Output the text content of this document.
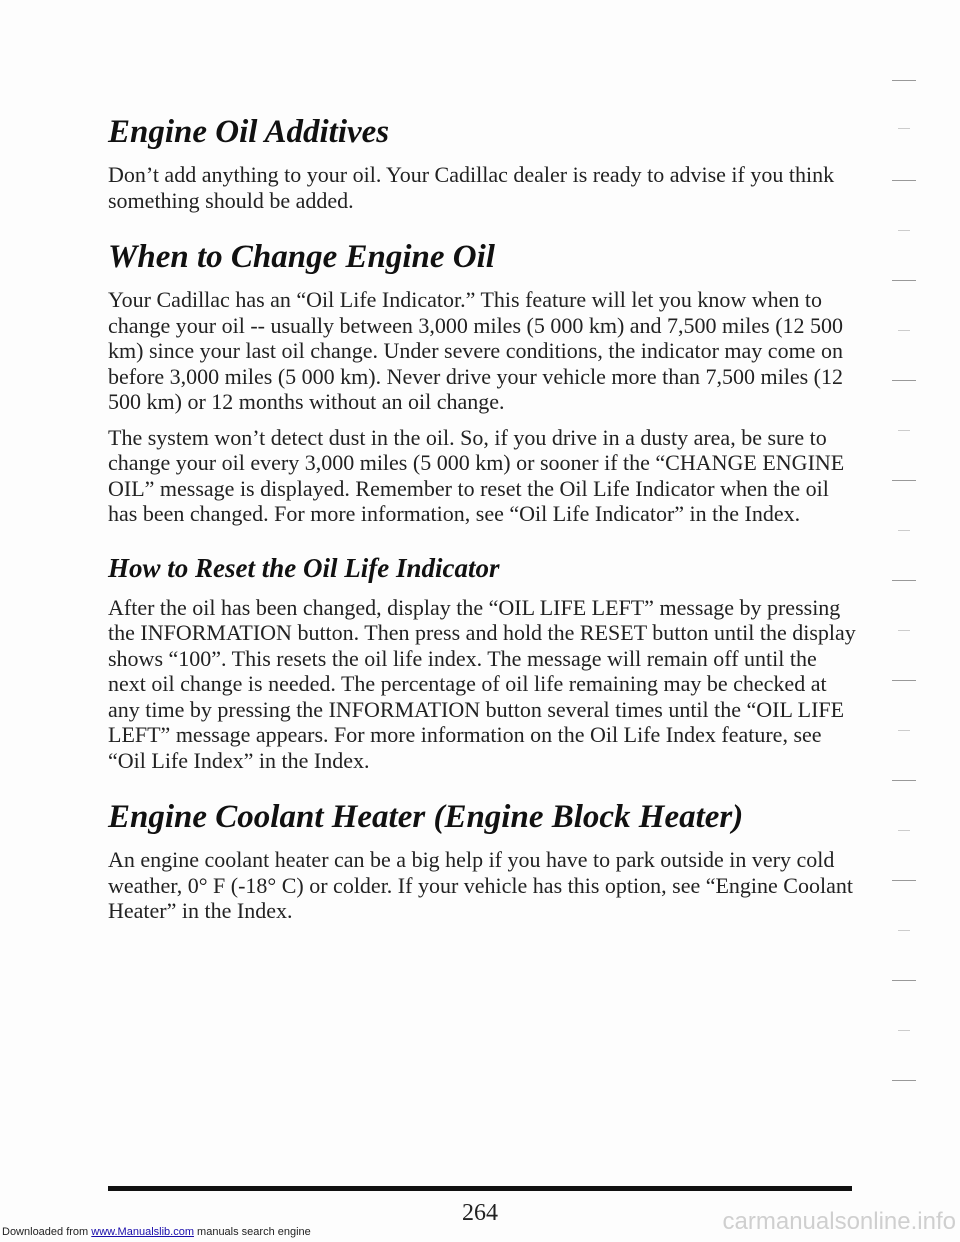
Engine Oil Additives

Don’t add anything to your oil. Your Cadillac dealer is ready to advise if you think something should be added.

When to Change Engine Oil

Your Cadillac has an “Oil Life Indicator.” This feature will let you know when to change your oil -- usually between 3,000 miles (5 000 km) and 7,500 miles (12 500 km) since your last oil change. Under severe conditions, the indicator may come on before 3,000 miles (5 000 km). Never drive your vehicle more than 7,500 miles (12 500 km) or 12 months without an oil change.

The system won’t detect dust in the oil. So, if you drive in a dusty area, be sure to change your oil every 3,000 miles (5 000 km) or sooner if the “CHANGE ENGINE OIL” message is displayed. Remember to reset the Oil Life Indicator when the oil has been changed. For more information, see “Oil Life Indicator” in the Index.

How to Reset the Oil Life Indicator

After the oil has been changed, display the “OIL LIFE LEFT” message by pressing the INFORMATION button. Then press and hold the RESET button until the display shows “100”. This resets the oil life index. The message will remain off until the next oil change is needed. The percentage of oil life remaining may be checked at any time by pressing the INFORMATION button several times until the “OIL LIFE LEFT” message appears. For more information on the Oil Life Index feature, see “Oil Life Index” in the Index.

Engine Coolant Heater (Engine Block Heater)

An engine coolant heater can be a big help if you have to park outside in very cold weather, 0° F (-18° C) or colder. If your vehicle has this option, see “Engine Coolant Heater” in the Index.

264
Downloaded from www.Manualslib.com manuals search engine	carmanualsonline.info
